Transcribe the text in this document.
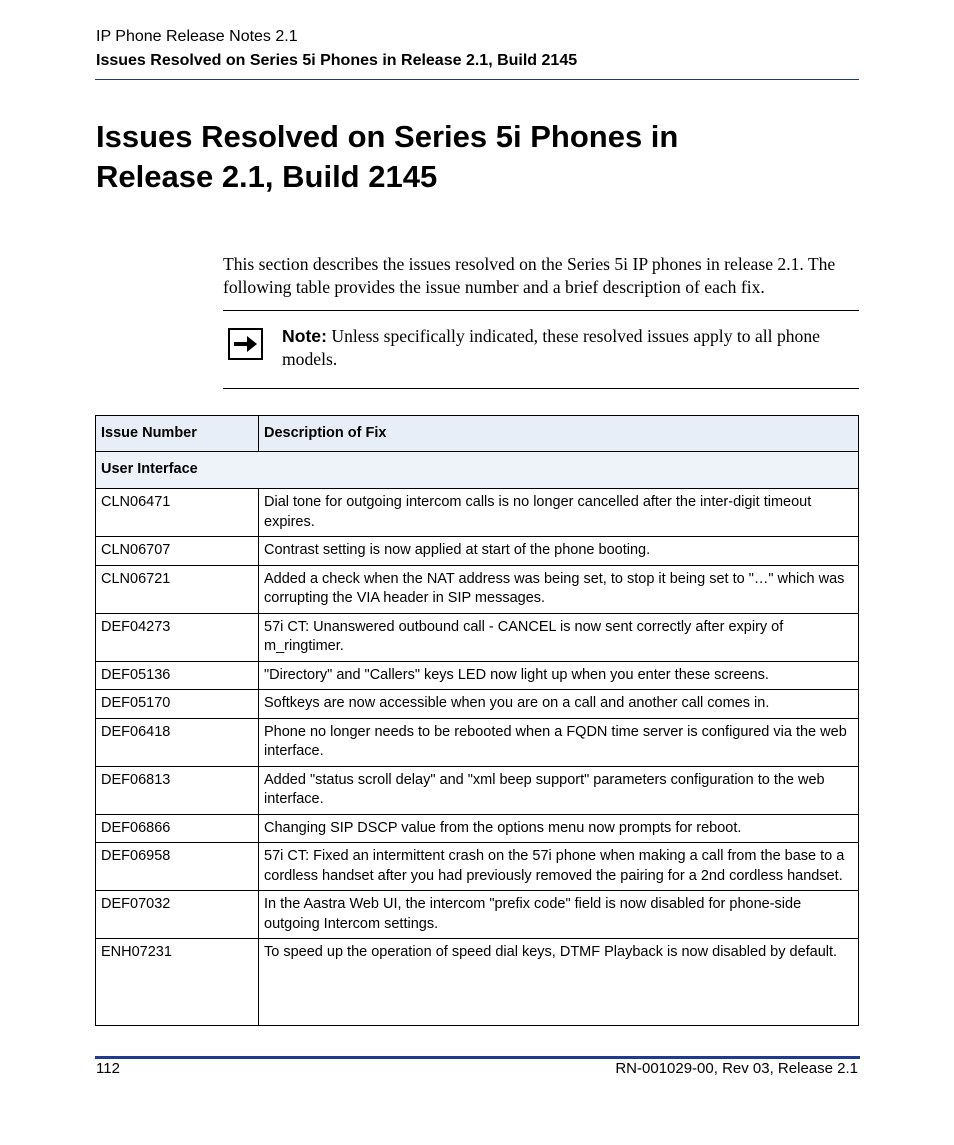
IP Phone Release Notes 2.1
Issues Resolved on Series 5i Phones in Release 2.1, Build 2145
Issues Resolved on Series 5i Phones in Release 2.1, Build 2145

This section describes the issues resolved on the Series 5i IP phones in release 2.1. The following table provides the issue number and a brief description of each fix.

Note: Unless specifically indicated, these resolved issues apply to all phone models.

Issue Number	Description of Fix
User Interface	
CLN06471	Dial tone for outgoing intercom calls is no longer cancelled after the inter-digit timeout expires.
CLN06707	Contrast setting is now applied at start of the phone booting.
CLN06721	Added a check when the NAT address was being set, to stop it being set to "…" which was corrupting the VIA header in SIP messages.
DEF04273	57i CT: Unanswered outbound call - CANCEL is now sent correctly after expiry of m_ringtimer.
DEF05136	"Directory" and "Callers" keys LED now light up when you enter these screens.
DEF05170	Softkeys are now accessible when you are on a call and another call comes in.
DEF06418	Phone no longer needs to be rebooted when a FQDN time server is configured via the web interface.
DEF06813	Added "status scroll delay" and "xml beep support" parameters configuration to the web interface.
DEF06866	Changing SIP DSCP value from the options menu now prompts for reboot.
DEF06958	57i CT: Fixed an intermittent crash on the 57i phone when making a call from the base to a cordless handset after you had previously removed the pairing for a 2nd cordless handset.
DEF07032	In the Aastra Web UI, the intercom "prefix code" field is now disabled for phone-side outgoing Intercom settings.
ENH07231	To speed up the operation of speed dial keys, DTMF Playback is now disabled by default.
112	RN-001029-00, Rev 03, Release 2.1
